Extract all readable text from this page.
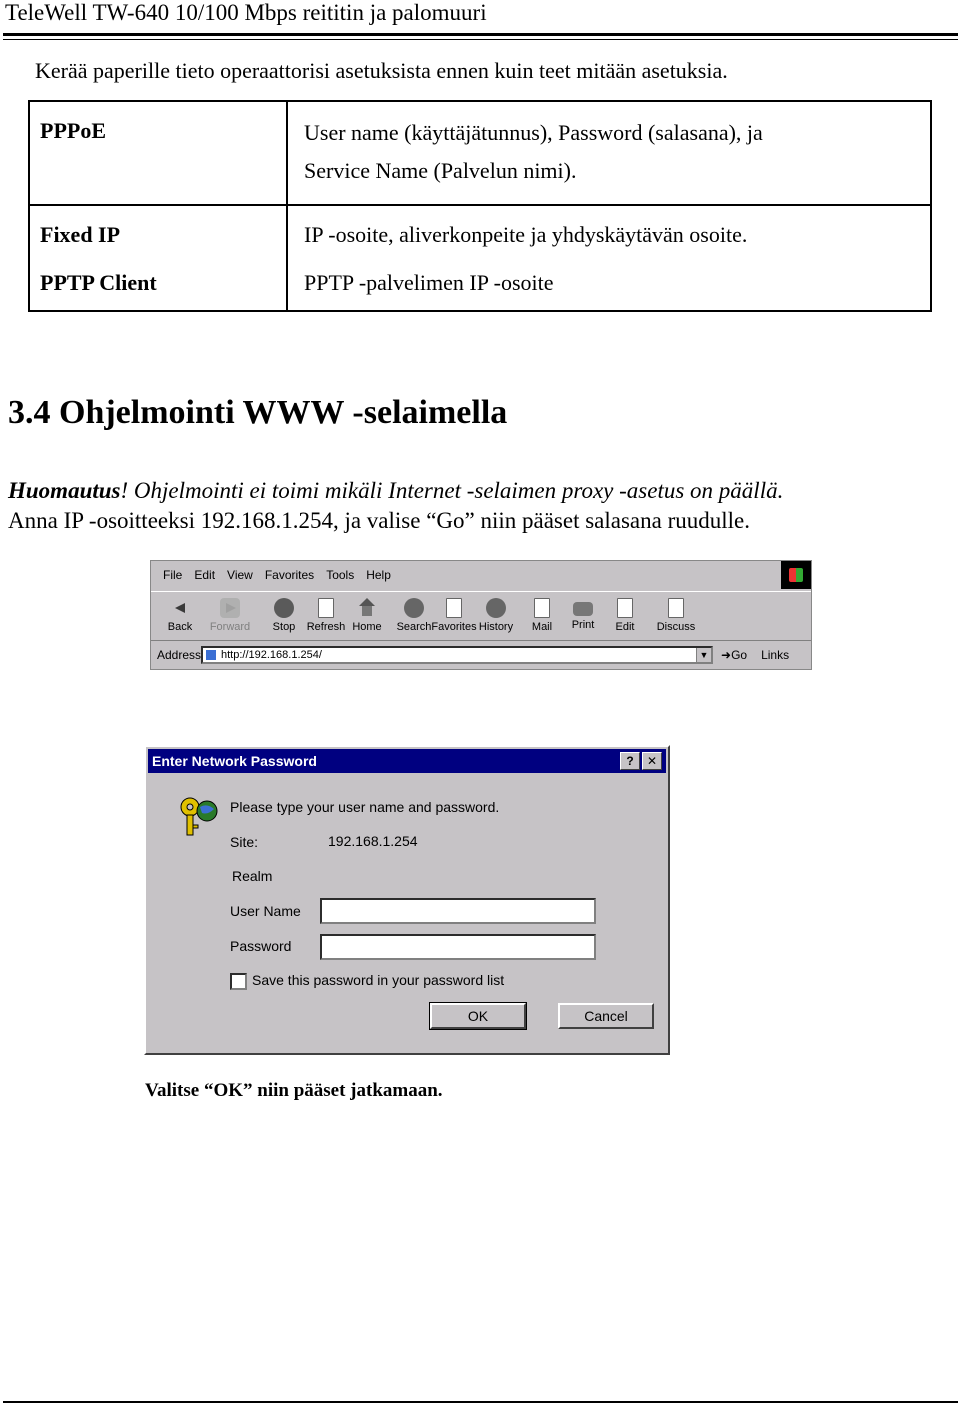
TeleWell TW-640 10/100 Mbps reititin ja palomuuri
Kerää paperille tieto operaattorisi asetuksista ennen kuin teet mitään asetuksia.
PPPoE	User name (käyttäjätunnus), Password (salasana), ja
Service Name (Palvelun nimi).

Fixed IP	IP -osoite, aliverkonpeite ja yhdyskäytävän osoite.
PPTP Client	PPTP -palvelimen IP -osoite
3.4 Ohjelmointi WWW -selaimella
Huomautus! Ohjelmointi ei toimi mikäli Internet -selaimen proxy -asetus on päällä.
Anna IP -osoitteeksi 192.168.1.254, ja valise “Go” niin pääset salasana ruudulle.
File Edit View Favorites Tools Help
Back	Forward	Stop	Refresh Home	Search Favorites History	Mail	Print	Edit	Discuss
Address	http://192.168.1.254/	▼ ➜Go Links
Enter Network Password	?	✕
Please type your user name and password.
Site:	192.168.1.254
Realm
User Name
Password
Save this password in your password list
OK	Cancel
Valitse “OK” niin pääset jatkamaan.
